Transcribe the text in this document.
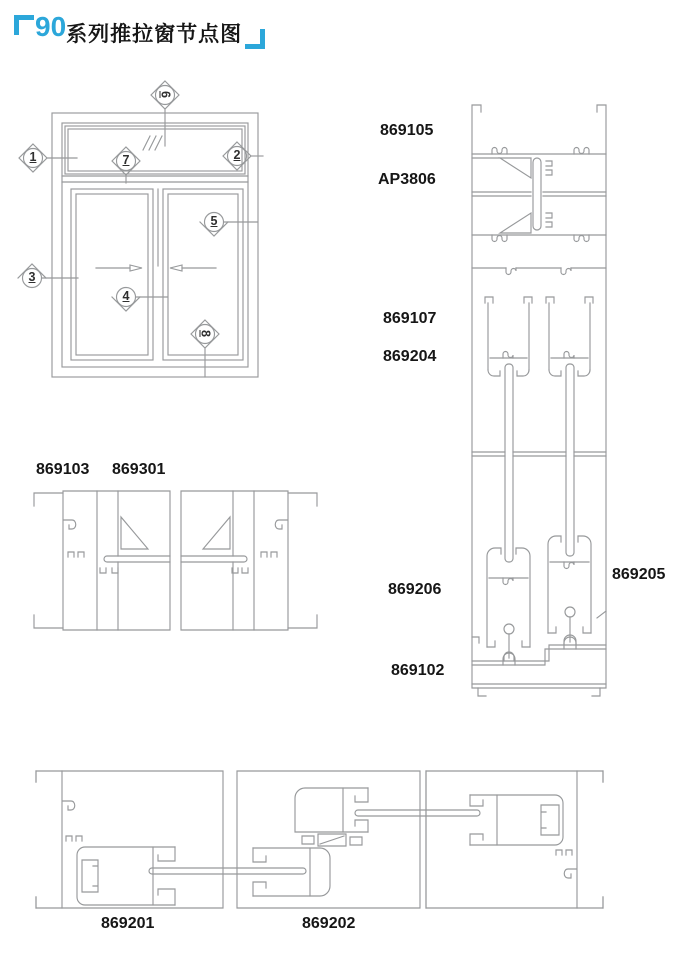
90 系列推拉窗节点图
869105
AP3806
869107
869204
869206
869205
869102
869103 869301
869201	869202
1	2
3
4
5
6
7
8
